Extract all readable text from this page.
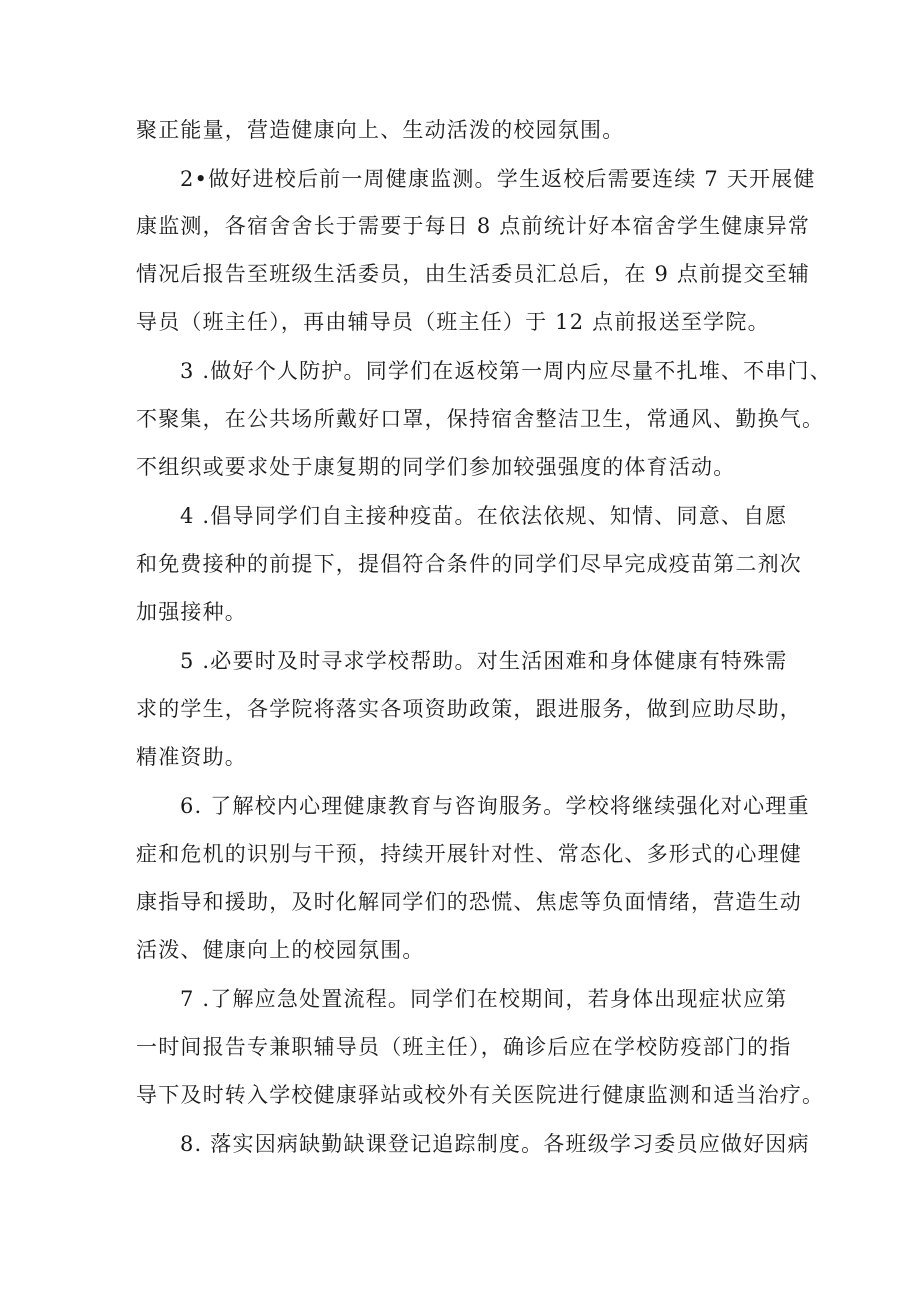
聚正能量，营造健康向上、生动活泼的校园氛围。
2•做好进校后前一周健康监测。学生返校后需要连续 7 天开展健
康监测，各宿舍舍长于需要于每日 8 点前统计好本宿舍学生健康异常
情况后报告至班级生活委员，由生活委员汇总后，在 9 点前提交至辅
导员（班主任），再由辅导员（班主任）于 12 点前报送至学院。
3 .做好个人防护。同学们在返校第一周内应尽量不扎堆、不串门、
不聚集，在公共场所戴好口罩，保持宿舍整洁卫生，常通风、勤换气。
不组织或要求处于康复期的同学们参加较强强度的体育活动。
4 .倡导同学们自主接种疫苗。在依法依规、知情、同意、自愿
和免费接种的前提下，提倡符合条件的同学们尽早完成疫苗第二剂次
加强接种。
5 .必要时及时寻求学校帮助。对生活困难和身体健康有特殊需
求的学生，各学院将落实各项资助政策，跟进服务，做到应助尽助，
精准资助。
6. 了解校内心理健康教育与咨询服务。学校将继续强化对心理重
症和危机的识别与干预，持续开展针对性、常态化、多形式的心理健
康指导和援助，及时化解同学们的恐慌、焦虑等负面情绪，营造生动
活泼、健康向上的校园氛围。
7 .了解应急处置流程。同学们在校期间，若身体出现症状应第
一时间报告专兼职辅导员（班主任），确诊后应在学校防疫部门的指
导下及时转入学校健康驿站或校外有关医院进行健康监测和适当治疗。
8. 落实因病缺勤缺课登记追踪制度。各班级学习委员应做好因病
